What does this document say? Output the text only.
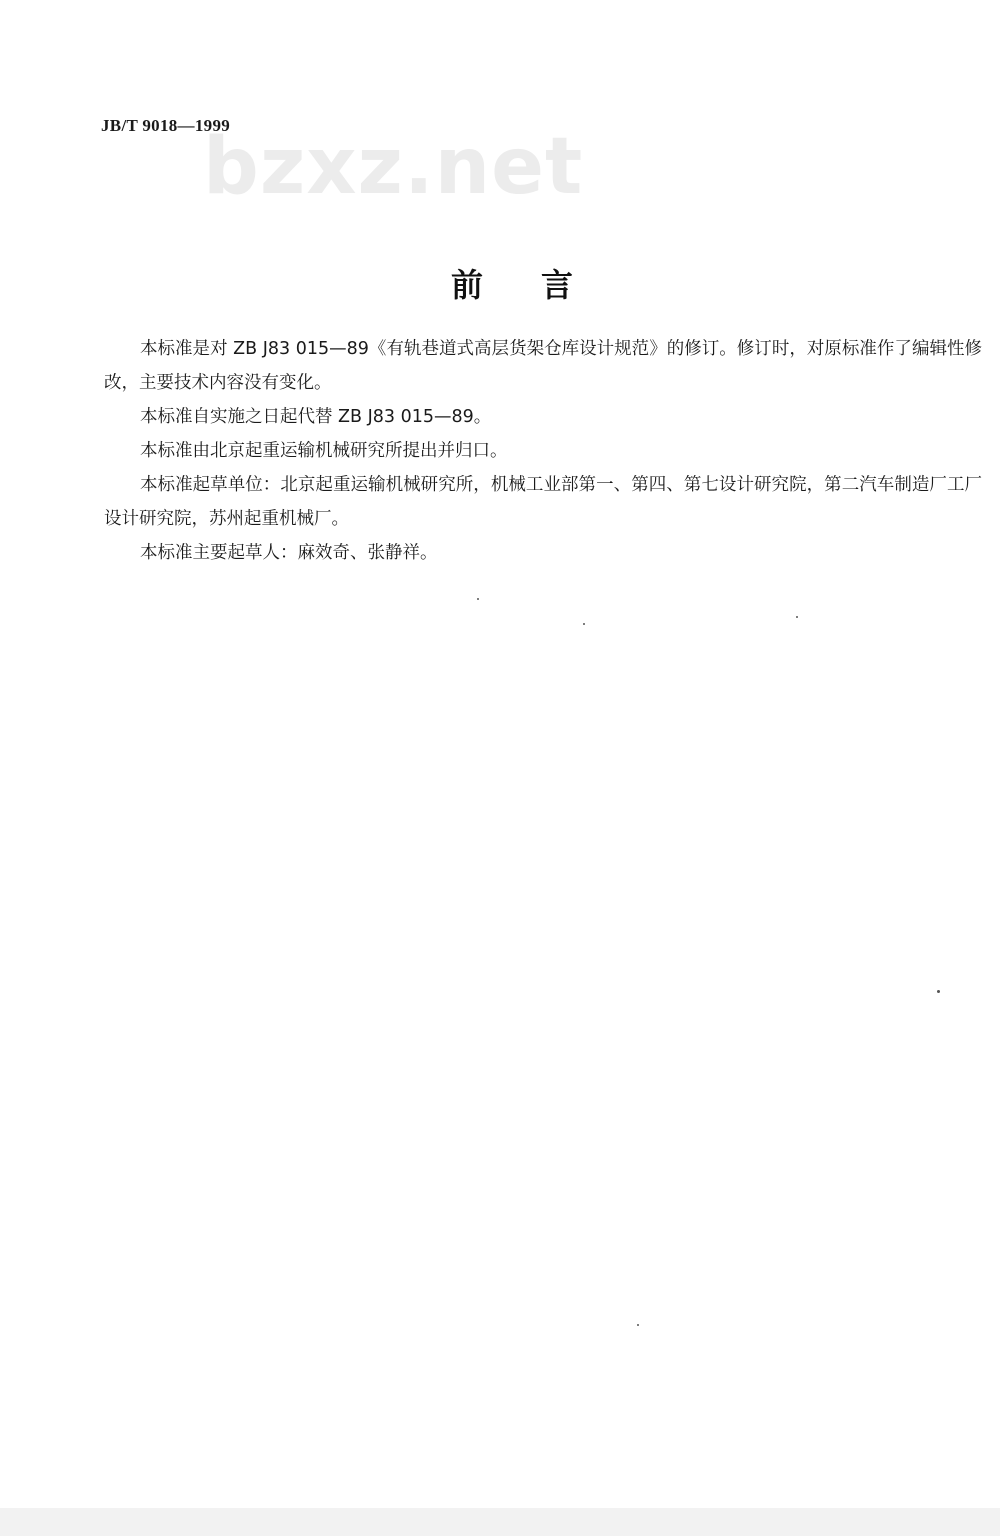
JB/T 9018—1999
bzxz.net
前言

本标准是对 ZB J83 015—89《有轨巷道式高层货架仓库设计规范》的修订。修订时，对原标准作了编辑性修改，主要技术内容没有变化。

本标准自实施之日起代替 ZB J83 015—89。

本标准由北京起重运输机械研究所提出并归口。

本标准起草单位：北京起重运输机械研究所，机械工业部第一、第四、第七设计研究院，第二汽车制造厂工厂设计研究院，苏州起重机械厂。

本标准主要起草人：麻效奇、张静祥。
